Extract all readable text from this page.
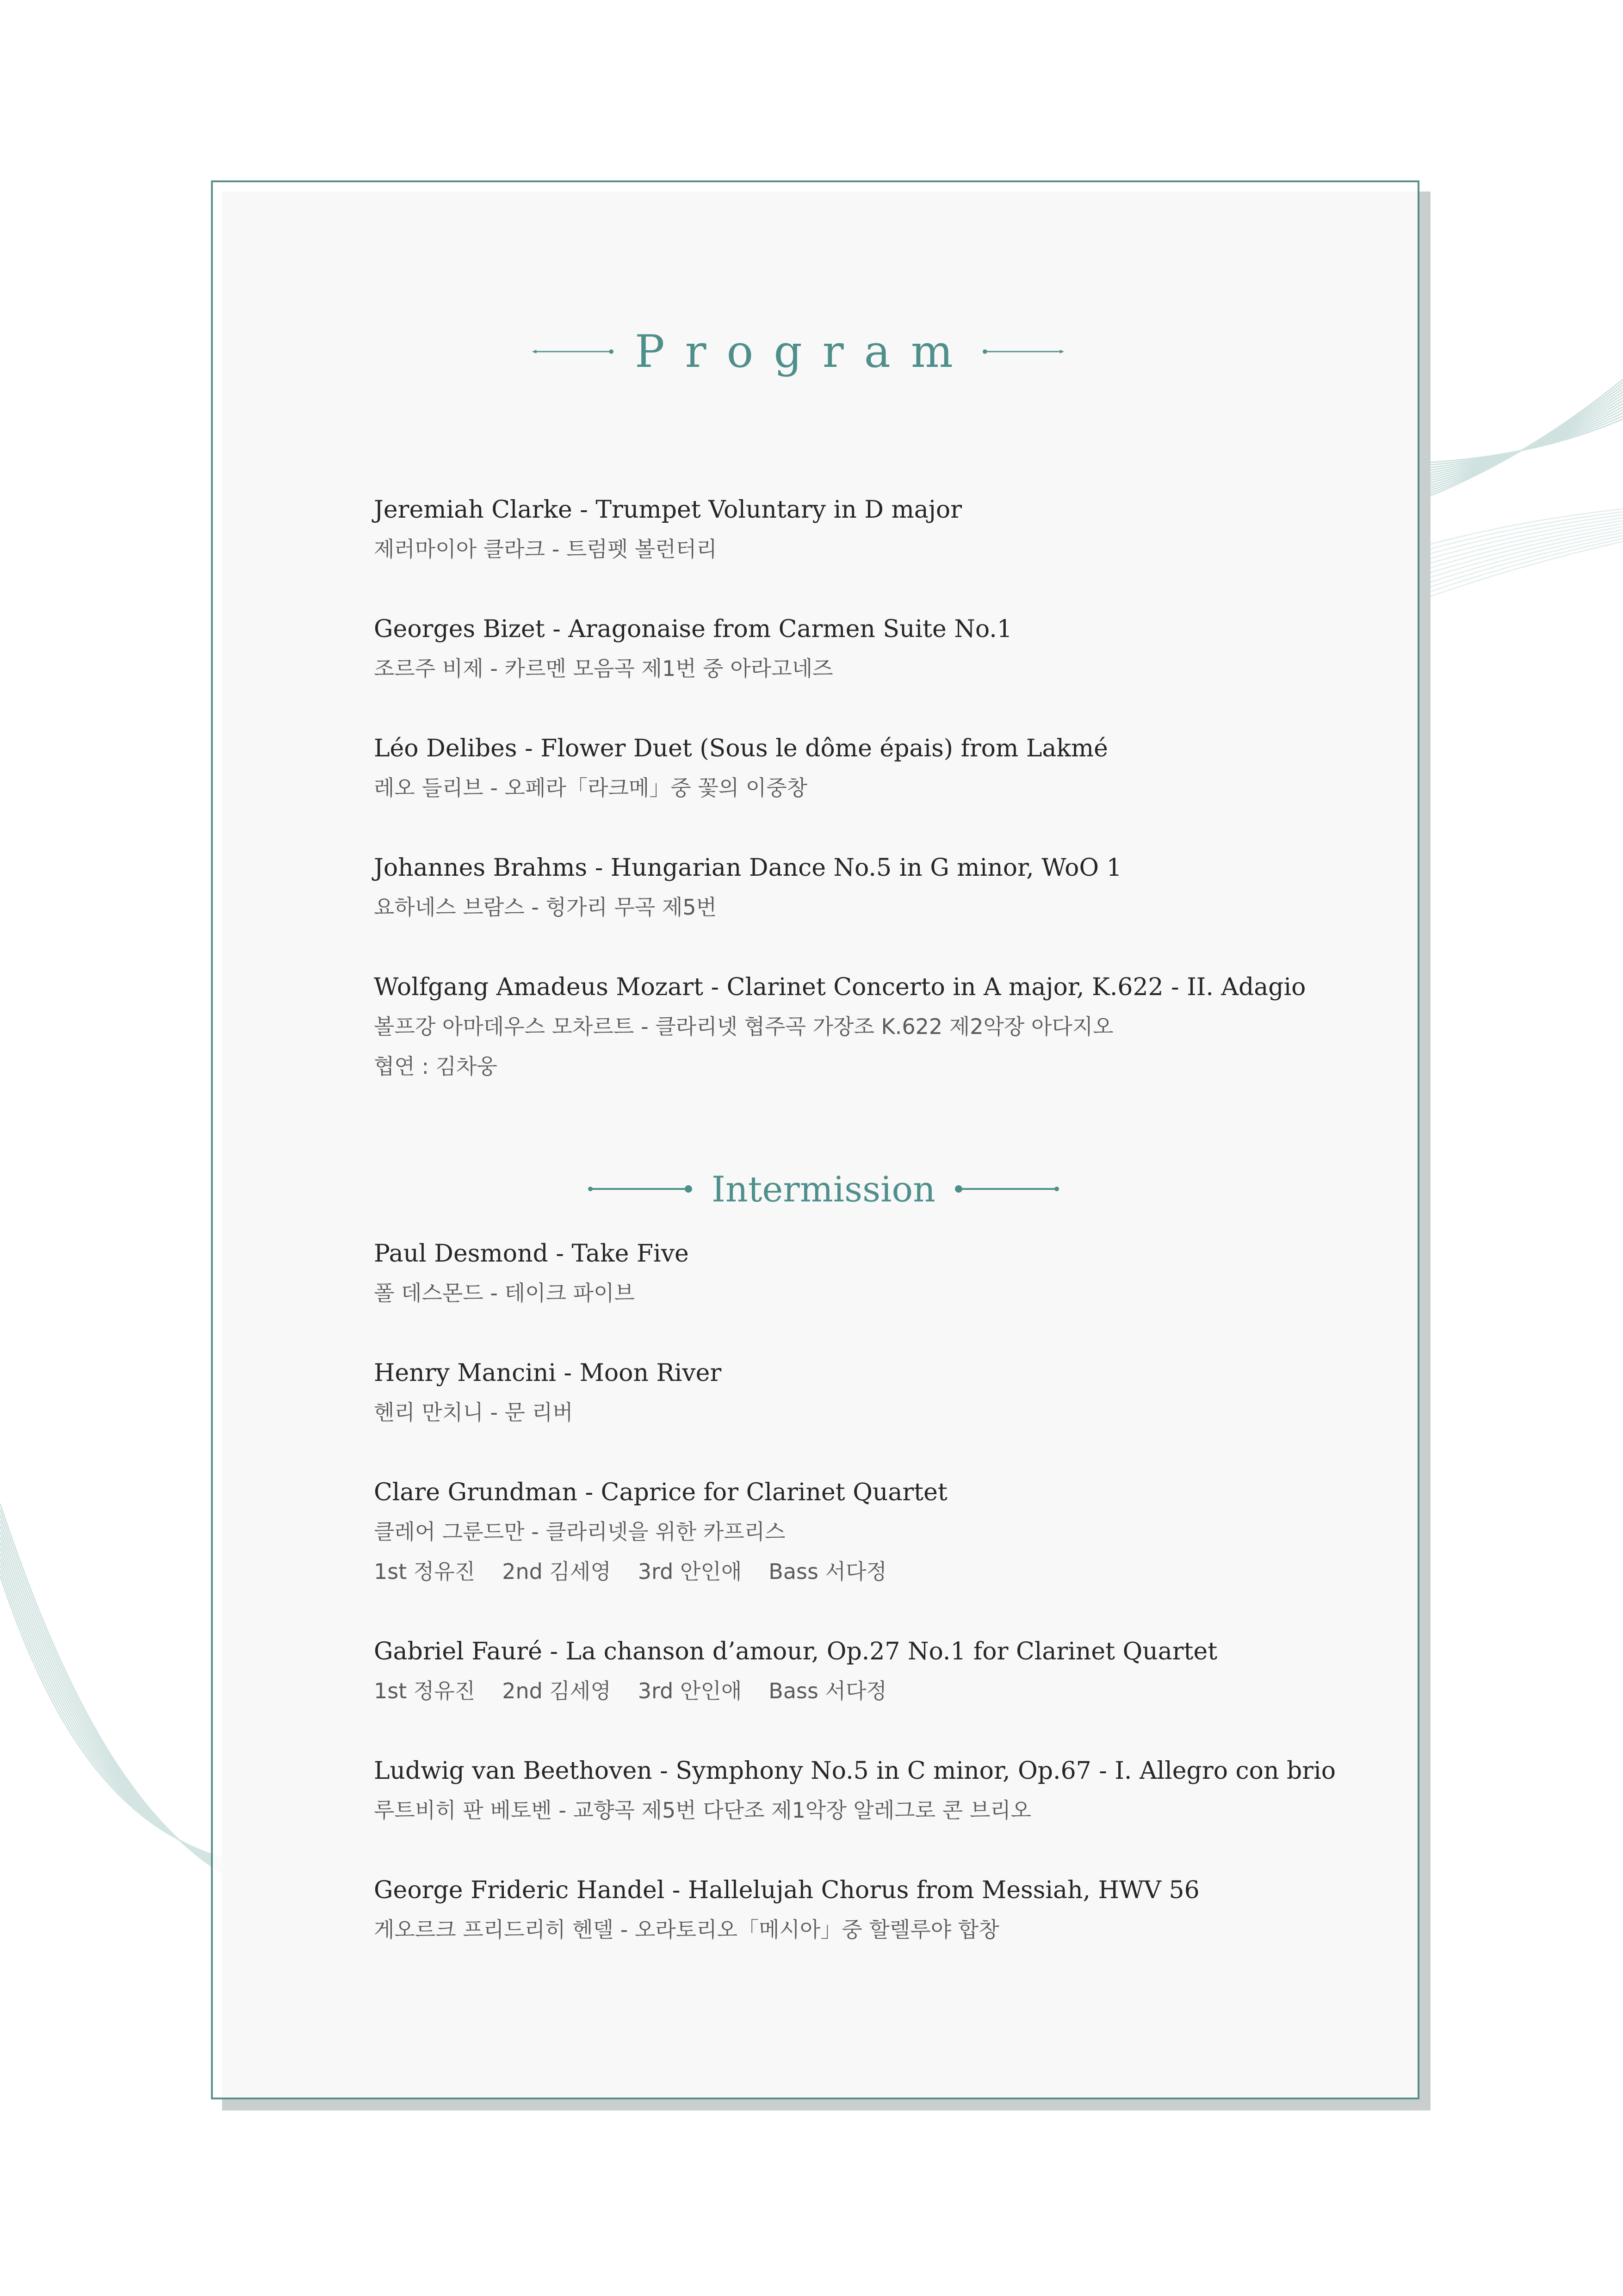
Program
Intermission
Jeremiah Clarke - Trumpet Voluntary in D major
제러마이아 클라크 - 트럼펫 볼런터리
Georges Bizet - Aragonaise from Carmen Suite No.1
조르주 비제 - 카르멘 모음곡 제1번 중 아라고네즈
Léo Delibes - Flower Duet (Sous le dôme épais) from Lakmé
레오 들리브 - 오페라「라크메」중 꽃의 이중창
Johannes Brahms - Hungarian Dance No.5 in G minor, WoO 1
요하네스 브람스 - 헝가리 무곡 제5번
Wolfgang Amadeus Mozart - Clarinet Concerto in A major, K.622 - II. Adagio
볼프강 아마데우스 모차르트 - 클라리넷 협주곡 가장조 K.622 제2악장 아다지오
협연 : 김차웅
Paul Desmond - Take Five
폴 데스몬드 - 테이크 파이브
Henry Mancini - Moon River
헨리 만치니 - 문 리버
Clare Grundman - Caprice for Clarinet Quartet
클레어 그룬드만 - 클라리넷을 위한 카프리스
1st 정유진 2nd 김세영 3rd 안인애 Bass 서다정
Gabriel Fauré - La chanson d’amour, Op.27 No.1 for Clarinet Quartet
1st 정유진 2nd 김세영 3rd 안인애 Bass 서다정
Ludwig van Beethoven - Symphony No.5 in C minor, Op.67 - I. Allegro con brio
루트비히 판 베토벤 - 교향곡 제5번 다단조 제1악장 알레그로 콘 브리오
George Frideric Handel - Hallelujah Chorus from Messiah, HWV 56
게오르크 프리드리히 헨델 - 오라토리오「메시아」중 할렐루야 합창
